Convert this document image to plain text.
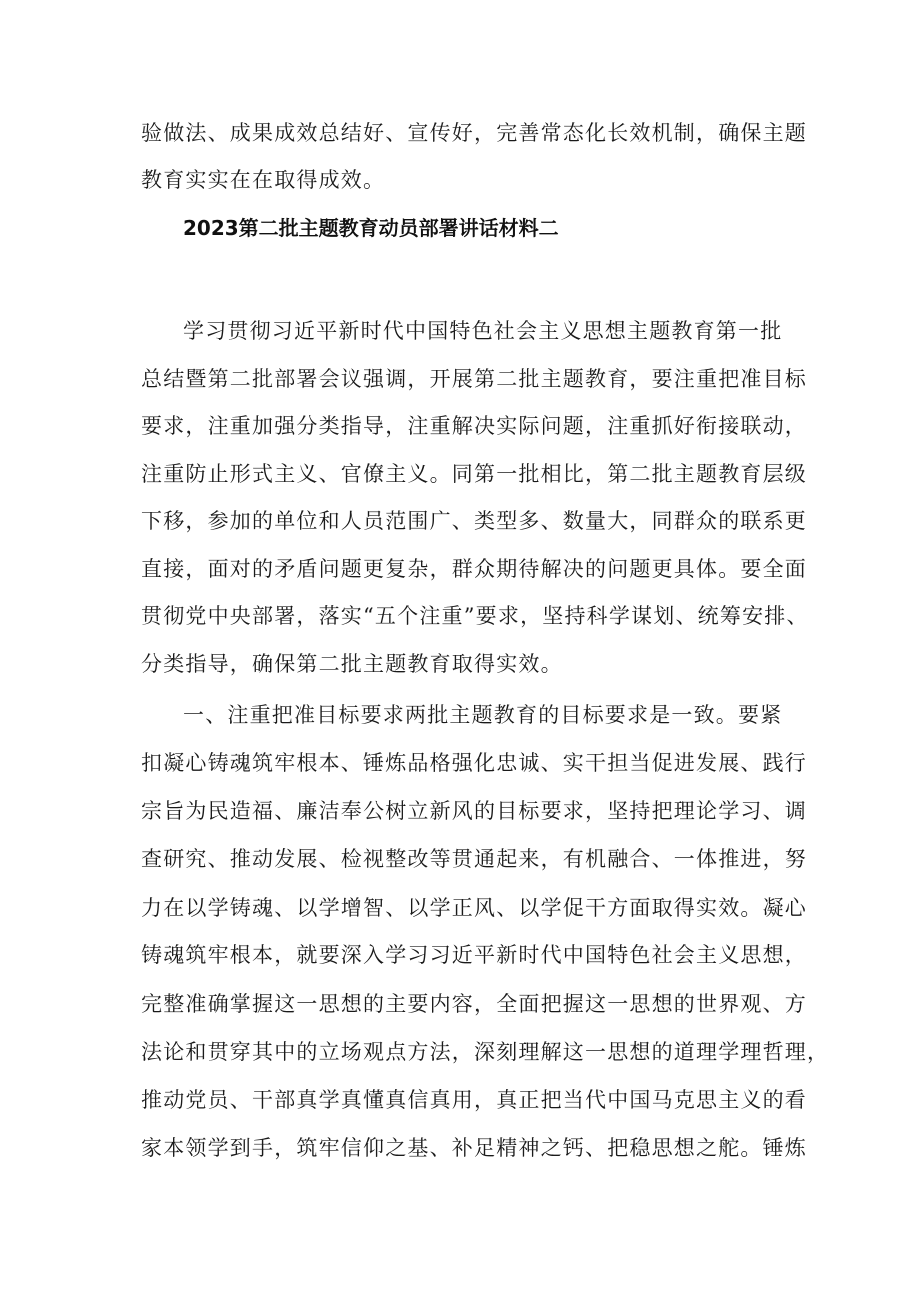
验做法、成果成效总结好、宣传好，完善常态化长效机制，确保主题
教育实实在在取得成效。
2023第二批主题教育动员部署讲话材料二
学习贯彻习近平新时代中国特色社会主义思想主题教育第一批
总结暨第二批部署会议强调，开展第二批主题教育，要注重把准目标
要求，注重加强分类指导，注重解决实际问题，注重抓好衔接联动，
注重防止形式主义、官僚主义。同第一批相比，第二批主题教育层级
下移，参加的单位和人员范围广、类型多、数量大，同群众的联系更
直接，面对的矛盾问题更复杂，群众期待解决的问题更具体。要全面
贯彻党中央部署，落实“五个注重”要求，坚持科学谋划、统筹安排、
分类指导，确保第二批主题教育取得实效。
一、注重把准目标要求两批主题教育的目标要求是一致。要紧
扣凝心铸魂筑牢根本、锤炼品格强化忠诚、实干担当促进发展、践行
宗旨为民造福、廉洁奉公树立新风的目标要求，坚持把理论学习、调
查研究、推动发展、检视整改等贯通起来，有机融合、一体推进，努
力在以学铸魂、以学增智、以学正风、以学促干方面取得实效。凝心
铸魂筑牢根本，就要深入学习习近平新时代中国特色社会主义思想，
完整准确掌握这一思想的主要内容，全面把握这一思想的世界观、方
法论和贯穿其中的立场观点方法，深刻理解这一思想的道理学理哲理，
推动党员、干部真学真懂真信真用，真正把当代中国马克思主义的看
家本领学到手，筑牢信仰之基、补足精神之钙、把稳思想之舵。锤炼
